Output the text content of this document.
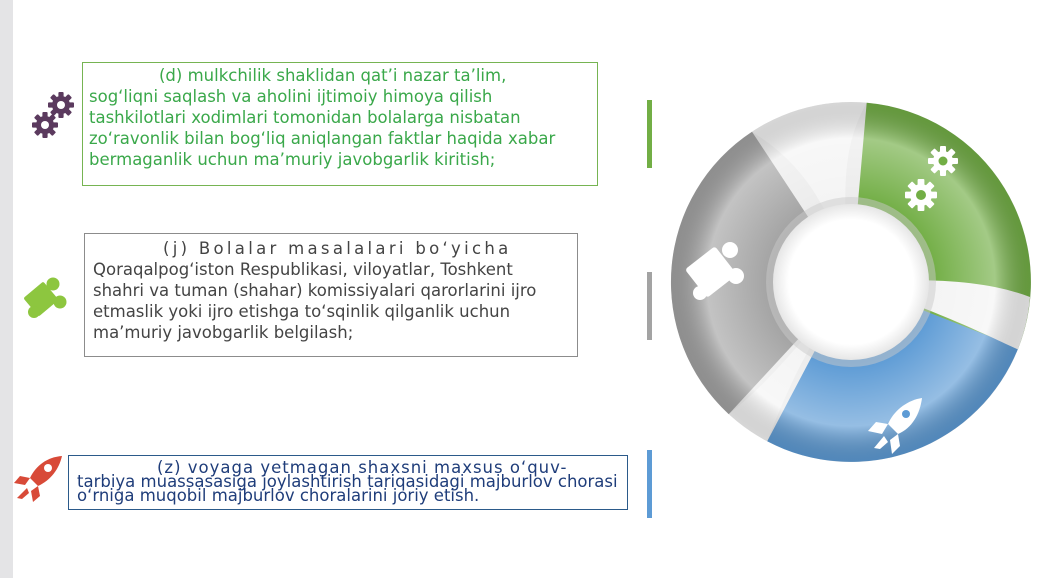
(d) mulkchilik shaklidan qat’i nazar ta’lim,
sog‘liqni saqlash va aholini ijtimoiy himoya qilish tashkilotlari xodimlari tomonidan bolalarga nisbatan zo‘ravonlik bilan bog‘liq aniqlangan faktlar haqida xabar bermaganlik uchun ma’muriy javobgarlik kiritish;
(j) Bolalar masalalari bo‘yicha
Qoraqalpog‘iston Respublikasi, viloyatlar, Toshkent shahri va tuman (shahar) komissiyalari qarorlarini ijro etmaslik yoki ijro etishga to‘sqinlik qilganlik uchun ma’muriy javobgarlik belgilash;
(z) voyaga yetmagan shaxsni maxsus o‘quv-
tarbiya muassasasiga joylashtirish tariqasidagi majburlov chorasi o‘rniga muqobil majburlov choralarini joriy etish.
